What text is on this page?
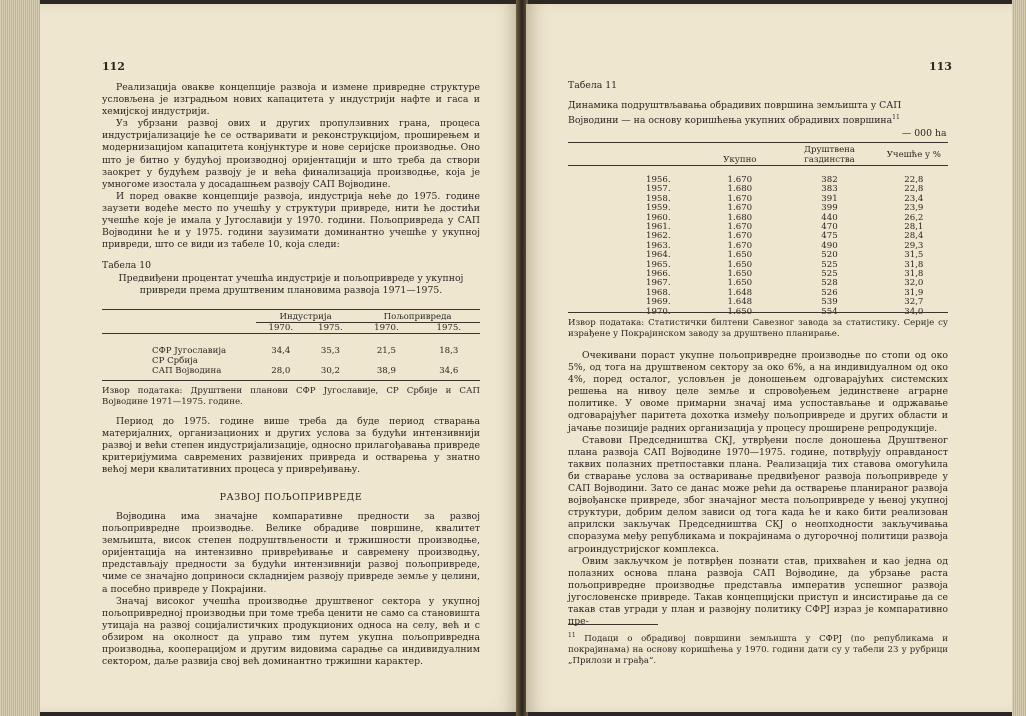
112

Реализација овакве концепције развоја и измене привредне структуре условљена је изградњом нових капацитета у индустрији нафте и гаса и хемијској индустрији.

Уз убрзани развој ових и других пропулзивних грана, процеса индустријализације ће се остваривати и реконструкцијом, проширењем и модернизацијом капацитета конјунктуре и нове серијске производње. Оно што је битно у будућој производној оријентацији и што треба да створи заокрет у будућем развоју је и већа финализација производње, која је умногоме изостала у досадашњем развоју САП Војводине.

И поред овакве концепције развоја, индустрија неће до 1975. године заузети водеће место по учешћу у структури привреде, нити ће достићи учешће које је имала у Југославији у 1970. години. Пољопривреда у САП Војводини ће и у 1975. години заузимати доминантно учешће у укупној привреди, што се види из табеле 10, која следи:

Табела 10
Предвиђени процентат учешћа индустрије и пољопривреде у укупној привреди према друштвеним плановима развоја 1971—1975.
	Индустрија		Пољопривреда	
	1970.	1975.	1970.	1975.

СФР Југославија	34,4	35,3	21,5	18,3
СР Србија				
САП Војводина	28,0	30,2	38,9	34,6
Извор података: Друштвени планови СФР Југославије, СР Србије и САП Војводине 1971—1975. године.

Период до 1975. године више треба да буде период стварања материјалних, организационих и других услова за будући интензивнији развој и већи степен индустријализације, односно прилагођавања привреде критеријумима савремених развијених привреда и остварења у знатно већој мери квалитативних процеса у привређивању.

РАЗВОЈ ПОЉОПРИВРЕДЕ

Војводина има значајне компаративне предности за развој пољопривредне производње. Велике обрадиве површине, квалитет земљишта, висок степен подруштвљености и тржишности производње, оријентација на интензивно привређивање и савремену производњу, представљају предности за будући интензивнији развој пољопривреде, чиме се значајно доприноси складнијем развоју привреде земље у целини, а посебно привреде у Покрајини.

Значај високог учешћа производње друштвеног сектора у укупној пољопривредној производњи при томе треба ценити не само са становишта утицаја на развој социјалистичких продукционих односа на селу, већ и с обзиром на околност да управо тим путем укупна пољопривредна производња, кооперацијом и другим видовима сарадње са индивидуалним сектором, даље развија свој већ доминантно тржишни карактер.

113
Табела 11
Динамика подруштвљавања обрадивих површина земљишта у САП Војводини — на основу коришћења укупних обрадивих површина$^{11}$
— 000 ha
	Укупно	Друштвена газдинства	Учешће у %

1956.	1.670	382	22,8
1957.	1.680	383	22,8
1958.	1.670	391	23,4
1959.	1.670	399	23,9
1960.	1.680	440	26,2
1961.	1.670	470	28,1
1962.	1.670	475	28,4
1963.	1.670	490	29,3
1964.	1.650	520	31,5
1965.	1.650	525	31,8
1966.	1.650	525	31,8
1967.	1.650	528	32,0
1968.	1.648	526	31,9
1969.	1.648	539	32,7
1970.	1.650	554	34,0
Извор података: Статистички билтени Савезног завода за статистику. Серије су израђене у Покрајинском заводу за друштвено планирање.

Очекивани пораст укупне пољопривредне производње по стопи од око 5%, од тога на друштвеном сектору за око 6%, а на индивидуалном од око 4%, поред осталог, условљен је доношењем одговарајућих системских решења на нивоу целе земље и спровођењем јединствене аграрне политике. У овоме примарни значај има успостављање и одржавање одговарајућег паритета дохотка између пољопривреде и других области и јачање позиције радних организација у процесу проширене репродукције.

Ставови Председништва СКЈ, утврђени после доношења Друштвеног плана развоја САП Војводине 1970—1975. године, потврђују оправданост таквих полазних претпоставки плана. Реализација тих ставова омогућила би стварање услова за остваривање предвиђеног развоја пољопривреде у САП Војводини. Зато се данас може рећи да остварење планираног развоја војвођанске привреде, због значајног места пољопривреде у њеној укупној структури, добрим делом зависи од тога када ће и како бити реализован априлски закључак Председништва СКЈ о неопходности закључивања споразума међу републикама и покрајинама о дугорочној политици развоја агроиндустријског комплекса.

Овим закључком је потврђен познати став, прихваћен и као једна од полазних основа плана развоја САП Војводине, да убрзање раста пољопривредне производње представља императив успешног развоја југословенске привреде. Такав концепцијски приступ и инсистирање да се такав став угради у план и развојну политику СФРЈ израз је компаративно пре-

$^{11}$ Подаци о обрадивој површини земљишта у СФРЈ (по републикама и покрајинама) на основу коришћења у 1970. години дати су у табели 23 у рубрици „Прилози и грађа“.
